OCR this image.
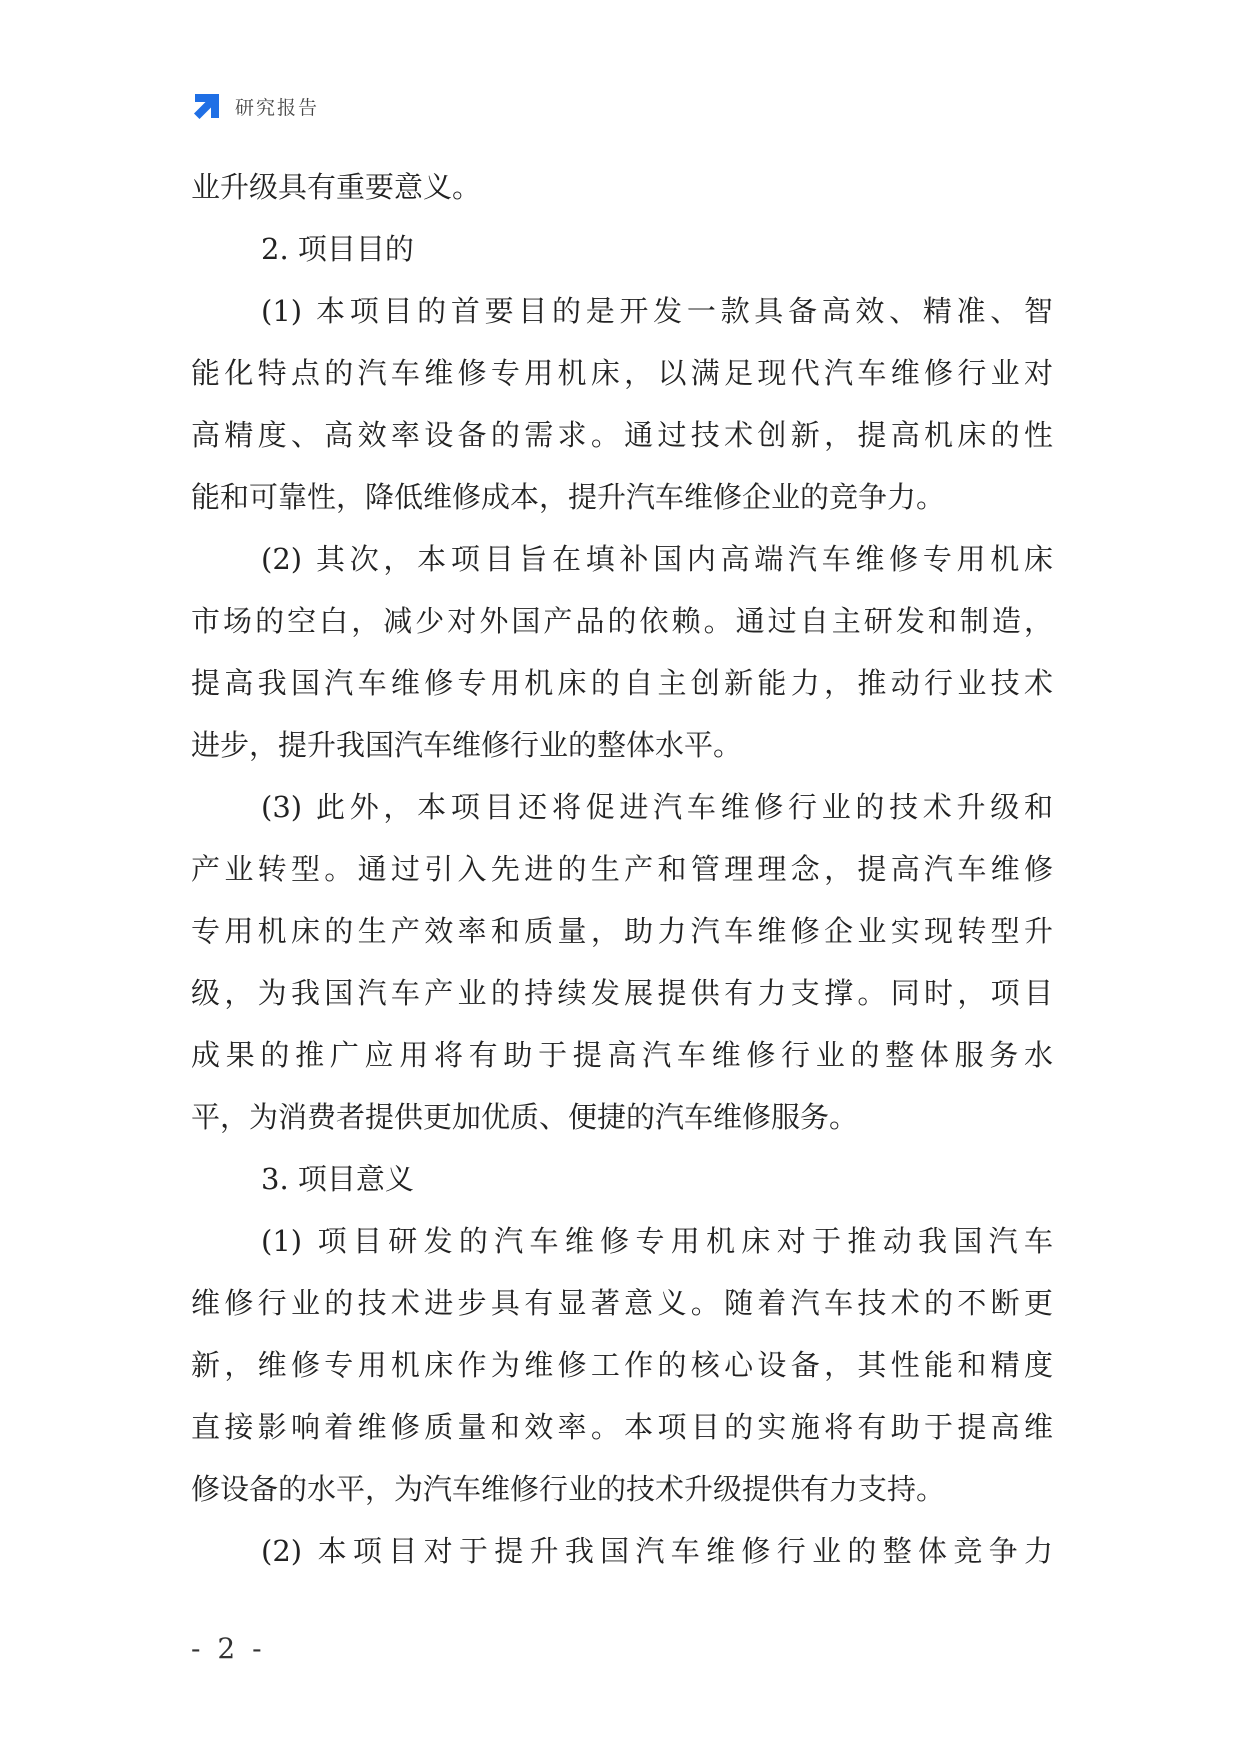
研究报告
业升级具有重要意义。
2. 项目目的
(1) 本项目的首要目的是开发一款具备高效、精准、智
能化特点的汽车维修专用机床，以满足现代汽车维修行业对
高精度、高效率设备的需求。通过技术创新，提高机床的性
能和可靠性，降低维修成本，提升汽车维修企业的竞争力。
(2) 其次，本项目旨在填补国内高端汽车维修专用机床
市场的空白，减少对外国产品的依赖。通过自主研发和制造，
提高我国汽车维修专用机床的自主创新能力，推动行业技术
进步，提升我国汽车维修行业的整体水平。
(3) 此外，本项目还将促进汽车维修行业的技术升级和
产业转型。通过引入先进的生产和管理理念，提高汽车维修
专用机床的生产效率和质量，助力汽车维修企业实现转型升
级，为我国汽车产业的持续发展提供有力支撑。同时，项目
成果的推广应用将有助于提高汽车维修行业的整体服务水
平，为消费者提供更加优质、便捷的汽车维修服务。
3. 项目意义
(1) 项目研发的汽车维修专用机床对于推动我国汽车
维修行业的技术进步具有显著意义。随着汽车技术的不断更
新，维修专用机床作为维修工作的核心设备，其性能和精度
直接影响着维修质量和效率。本项目的实施将有助于提高维
修设备的水平，为汽车维修行业的技术升级提供有力支持。
(2) 本项目对于提升我国汽车维修行业的整体竞争力
- 2 -
